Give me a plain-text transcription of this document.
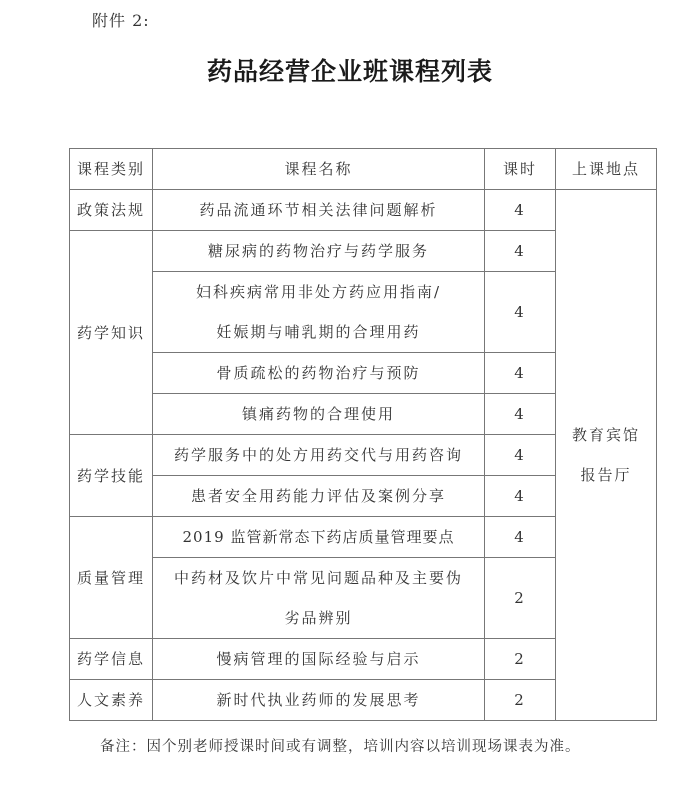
附件 2:
药品经营企业班课程列表
课程类别	课程名称	课时	上课地点
政策法规	药品流通环节相关法律问题解析	4	教育宾馆
报告厅

药学知识	糖尿病的药物治疗与药学服务	4	

	妇科疾病常用非处方药应用指南/
妊娠期与哺乳期的合理用药	4	
	骨质疏松的药物治疗与预防	4	
	镇痛药物的合理使用	4	
药学技能	药学服务中的处方用药交代与用药咨询	4	
	患者安全用药能力评估及案例分享	4	
质量管理	2019 监管新常态下药店质量管理要点	4	

	中药材及饮片中常见问题品种及主要伪
劣品辨别	2	
药学信息	慢病管理的国际经验与启示	2	
人文素养	新时代执业药师的发展思考	2	
备注：因个别老师授课时间或有调整，培训内容以培训现场课表为准。
